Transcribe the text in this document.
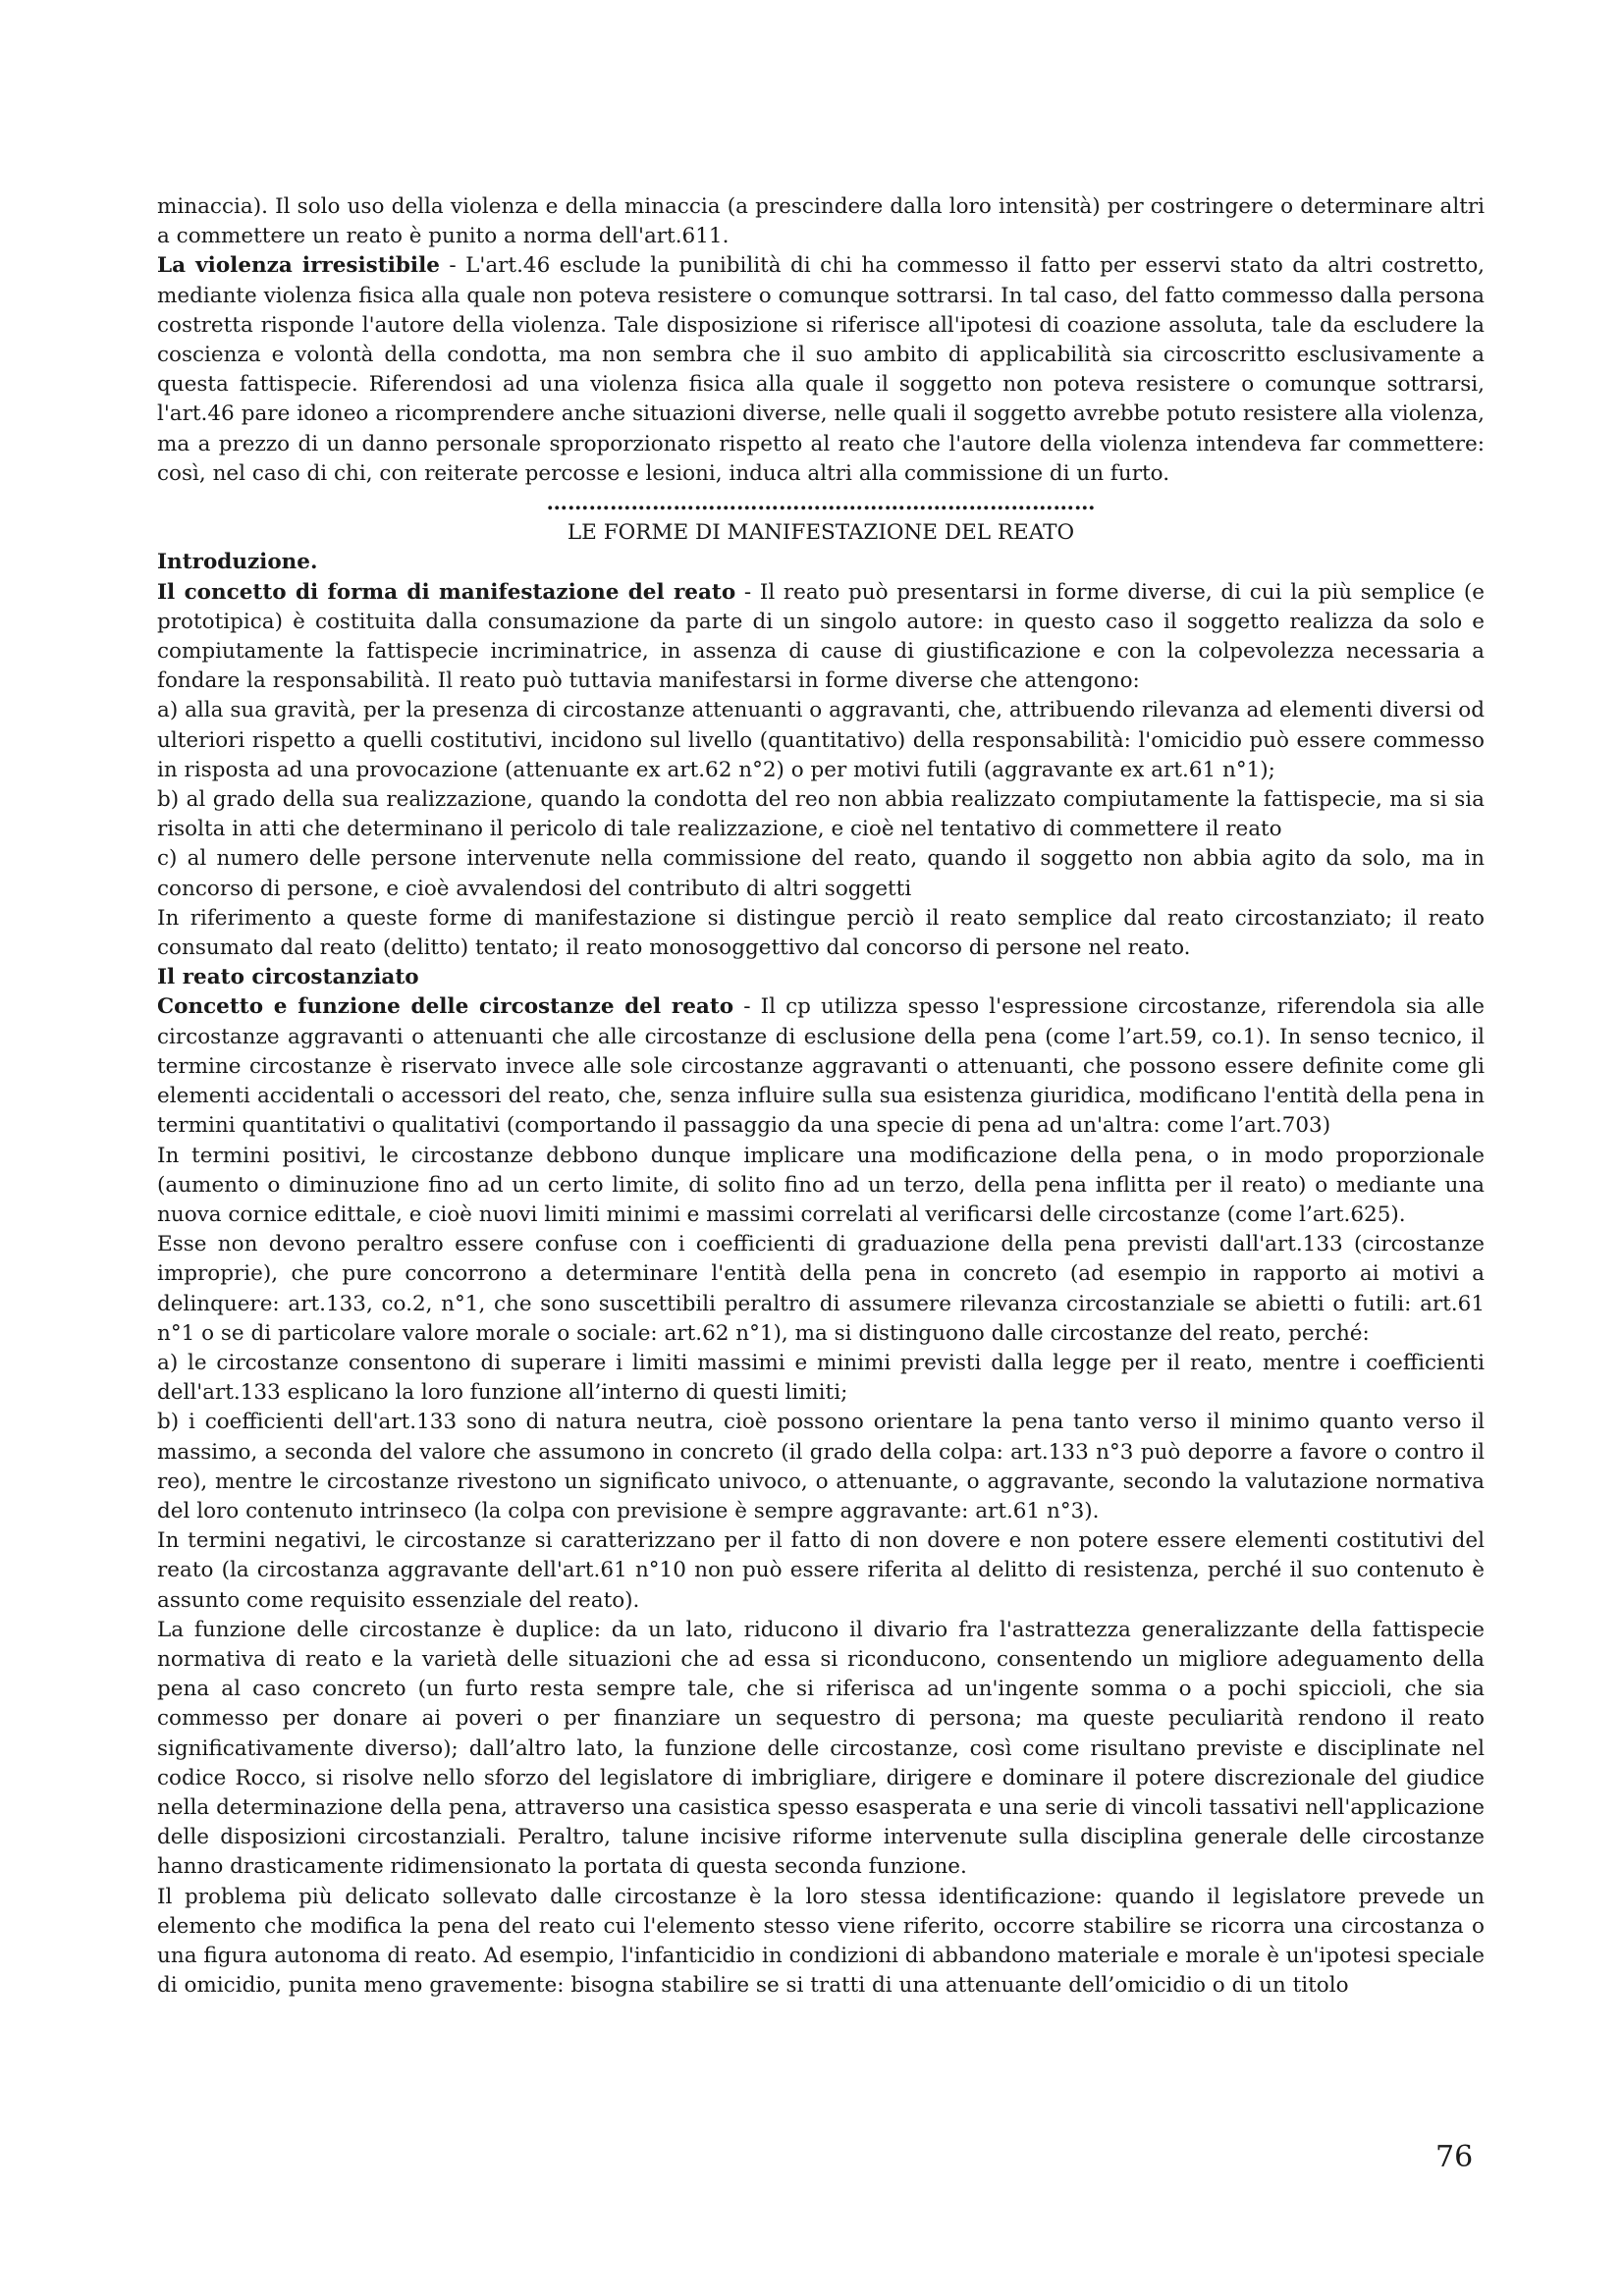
minaccia). Il solo uso della violenza e della minaccia (a prescindere dalla loro intensità) per costringere o determinare altri a commettere un reato è punito a norma dell'art.611.

La violenza irresistibile - L'art.46 esclude la punibilità di chi ha commesso il fatto per esservi stato da altri costretto, mediante violenza fisica alla quale non poteva resistere o comunque sottrarsi. In tal caso, del fatto commesso dalla persona costretta risponde l'autore della violenza. Tale disposizione si riferisce all'ipotesi di coazione assoluta, tale da escludere la coscienza e volontà della condotta, ma non sembra che il suo ambito di applicabilità sia circoscritto esclusivamente a questa fattispecie. Riferendosi ad una violenza fisica alla quale il soggetto non poteva resistere o comunque sottrarsi, l'art.46 pare idoneo a ricomprendere anche situazioni diverse, nelle quali il soggetto avrebbe potuto resistere alla violenza, ma a prezzo di un danno personale sproporzionato rispetto al reato che l'autore della violenza intendeva far commettere: così, nel caso di chi, con reiterate percosse e lesioni, induca altri alla commissione di un furto.

……………………………………………………………………

LE FORME DI MANIFESTAZIONE DEL REATO

Introduzione.

Il concetto di forma di manifestazione del reato - Il reato può presentarsi in forme diverse, di cui la più semplice (e prototipica) è costituita dalla consumazione da parte di un singolo autore: in questo caso il soggetto realizza da solo e compiutamente la fattispecie incriminatrice, in assenza di cause di giustificazione e con la colpevolezza necessaria a fondare la responsabilità. Il reato può tuttavia manifestarsi in forme diverse che attengono:

a) alla sua gravità, per la presenza di circostanze attenuanti o aggravanti, che, attribuendo rilevanza ad elementi diversi od ulteriori rispetto a quelli costitutivi, incidono sul livello (quantitativo) della responsabilità: l'omicidio può essere commesso in risposta ad una provocazione (attenuante ex art.62 n°2) o per motivi futili (aggravante ex art.61 n°1);

b) al grado della sua realizzazione, quando la condotta del reo non abbia realizzato compiutamente la fattispecie, ma si sia risolta in atti che determinano il pericolo di tale realizzazione, e cioè nel tentativo di commettere il reato

c) al numero delle persone intervenute nella commissione del reato, quando il soggetto non abbia agito da solo, ma in concorso di persone, e cioè avvalendosi del contributo di altri soggetti

In riferimento a queste forme di manifestazione si distingue perciò il reato semplice dal reato circostanziato; il reato consumato dal reato (delitto) tentato; il reato monosoggettivo dal concorso di persone nel reato.

Il reato circostanziato

Concetto e funzione delle circostanze del reato - Il cp utilizza spesso l'espressione circostanze, riferendola sia alle circostanze aggravanti o attenuanti che alle circostanze di esclusione della pena (come l’art.59, co.1). In senso tecnico, il termine circostanze è riservato invece alle sole circostanze aggravanti o attenuanti, che possono essere definite come gli elementi accidentali o accessori del reato, che, senza influire sulla sua esistenza giuridica, modificano l'entità della pena in termini quantitativi o qualitativi (comportando il passaggio da una specie di pena ad un'altra: come l’art.703)

In termini positivi, le circostanze debbono dunque implicare una modificazione della pena, o in modo proporzionale (aumento o diminuzione fino ad un certo limite, di solito fino ad un terzo, della pena inflitta per il reato) o mediante una nuova cornice edittale, e cioè nuovi limiti minimi e massimi correlati al verificarsi delle circostanze (come l’art.625).

Esse non devono peraltro essere confuse con i coefficienti di graduazione della pena previsti dall'art.133 (circostanze improprie), che pure concorrono a determinare l'entità della pena in concreto (ad esempio in rapporto ai motivi a delinquere: art.133, co.2, n°1, che sono suscettibili peraltro di assumere rilevanza circostanziale se abietti o futili: art.61 n°1 o se di particolare valore morale o sociale: art.62 n°1), ma si distinguono dalle circostanze del reato, perché:

a) le circostanze consentono di superare i limiti massimi e minimi previsti dalla legge per il reato, mentre i coefficienti dell'art.133 esplicano la loro funzione all’interno di questi limiti;

b) i coefficienti dell'art.133 sono di natura neutra, cioè possono orientare la pena tanto verso il minimo quanto verso il massimo, a seconda del valore che assumono in concreto (il grado della colpa: art.133 n°3 può deporre a favore o contro il reo), mentre le circostanze rivestono un significato univoco, o attenuante, o aggravante, secondo la valutazione normativa del loro contenuto intrinseco (la colpa con previsione è sempre aggravante: art.61 n°3).

In termini negativi, le circostanze si caratterizzano per il fatto di non dovere e non potere essere elementi costitutivi del reato (la circostanza aggravante dell'art.61 n°10 non può essere riferita al delitto di resistenza, perché il suo contenuto è assunto come requisito essenziale del reato).

La funzione delle circostanze è duplice: da un lato, riducono il divario fra l'astrattezza generalizzante della fattispecie normativa di reato e la varietà delle situazioni che ad essa si riconducono, consentendo un migliore adeguamento della pena al caso concreto (un furto resta sempre tale, che si riferisca ad un'ingente somma o a pochi spiccioli, che sia commesso per donare ai poveri o per finanziare un sequestro di persona; ma queste peculiarità rendono il reato significativamente diverso); dall’altro lato, la funzione delle circostanze, così come risultano previste e disciplinate nel codice Rocco, si risolve nello sforzo del legislatore di imbrigliare, dirigere e dominare il potere discrezionale del giudice nella determinazione della pena, attraverso una casistica spesso esasperata e una serie di vincoli tassativi nell'applicazione delle disposizioni circostanziali. Peraltro, talune incisive riforme intervenute sulla disciplina generale delle circostanze hanno drasticamente ridimensionato la portata di questa seconda funzione.

Il problema più delicato sollevato dalle circostanze è la loro stessa identificazione: quando il legislatore prevede un elemento che modifica la pena del reato cui l'elemento stesso viene riferito, occorre stabilire se ricorra una circostanza o una figura autonoma di reato. Ad esempio, l'infanticidio in condizioni di abbandono materiale e morale è un'ipotesi speciale di omicidio, punita meno gravemente: bisogna stabilire se si tratti di una attenuante dell’omicidio o di un titolo

76
